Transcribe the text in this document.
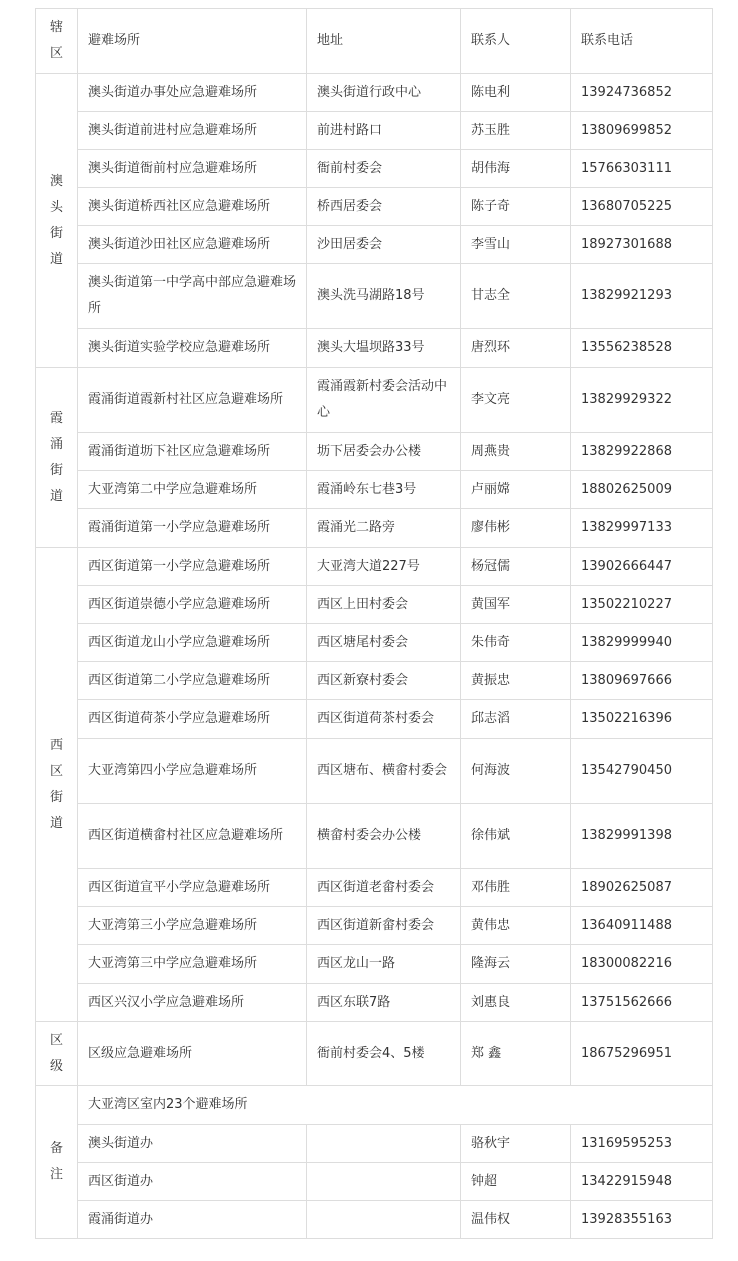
辖区	避难场所	地址	联系人	联系电话

澳头街道	澳头街道办事处应急避难场所	澳头街道行政中心	陈电利	13924736852
	澳头街道前进村应急避难场所	前进村路口	苏玉胜	13809699852
	澳头街道衙前村应急避难场所	衙前村委会	胡伟海	15766303111
	澳头街道桥西社区应急避难场所	桥西居委会	陈子奇	13680705225
	澳头街道沙田社区应急避难场所	沙田居委会	李雪山	18927301688
	澳头街道第一中学高中部应急避难场所	澳头洗马湖路18号	甘志全	13829921293
	澳头街道实验学校应急避难场所	澳头大塭坝路33号	唐烈环	13556238528

霞涌街道	霞涌街道霞新村社区应急避难场所	霞涌霞新村委会活动中心	李文亮	13829929322
	霞涌街道坜下社区应急避难场所	坜下居委会办公楼	周燕贵	13829922868
	大亚湾第二中学应急避难场所	霞涌岭东七巷3号	卢丽嫦	18802625009
	霞涌街道第一小学应急避难场所	霞涌光二路旁	廖伟彬	13829997133

西区街道	西区街道第一小学应急避难场所	大亚湾大道227号	杨冠儒	13902666447
	西区街道崇德小学应急避难场所	西区上田村委会	黄国军	13502210227
	西区街道龙山小学应急避难场所	西区塘尾村委会	朱伟奇	13829999940
	西区街道第二小学应急避难场所	西区新寮村委会	黄振忠	13809697666
	西区街道荷茶小学应急避难场所	西区街道荷茶村委会	邱志滔	13502216396
	大亚湾第四小学应急避难场所	西区塘布、横畲村委会	何海波	13542790450
	西区街道横畲村社区应急避难场所	横畲村委会办公楼	徐伟斌	13829991398
	西区街道宣平小学应急避难场所	西区街道老畲村委会	邓伟胜	18902625087
	大亚湾第三小学应急避难场所	西区街道新畲村委会	黄伟忠	13640911488
	大亚湾第三中学应急避难场所	西区龙山一路	隆海云	18300082216
	西区兴汉小学应急避难场所	西区东联7路	刘惠良	13751562666

区级	区级应急避难场所	衙前村委会4、5楼	郑 鑫	18675296951

备注	大亚湾区室内23个避难场所			
	澳头街道办		骆秋宇	13169595253
	西区街道办		钟超	13422915948
	霞涌街道办		温伟权	13928355163
